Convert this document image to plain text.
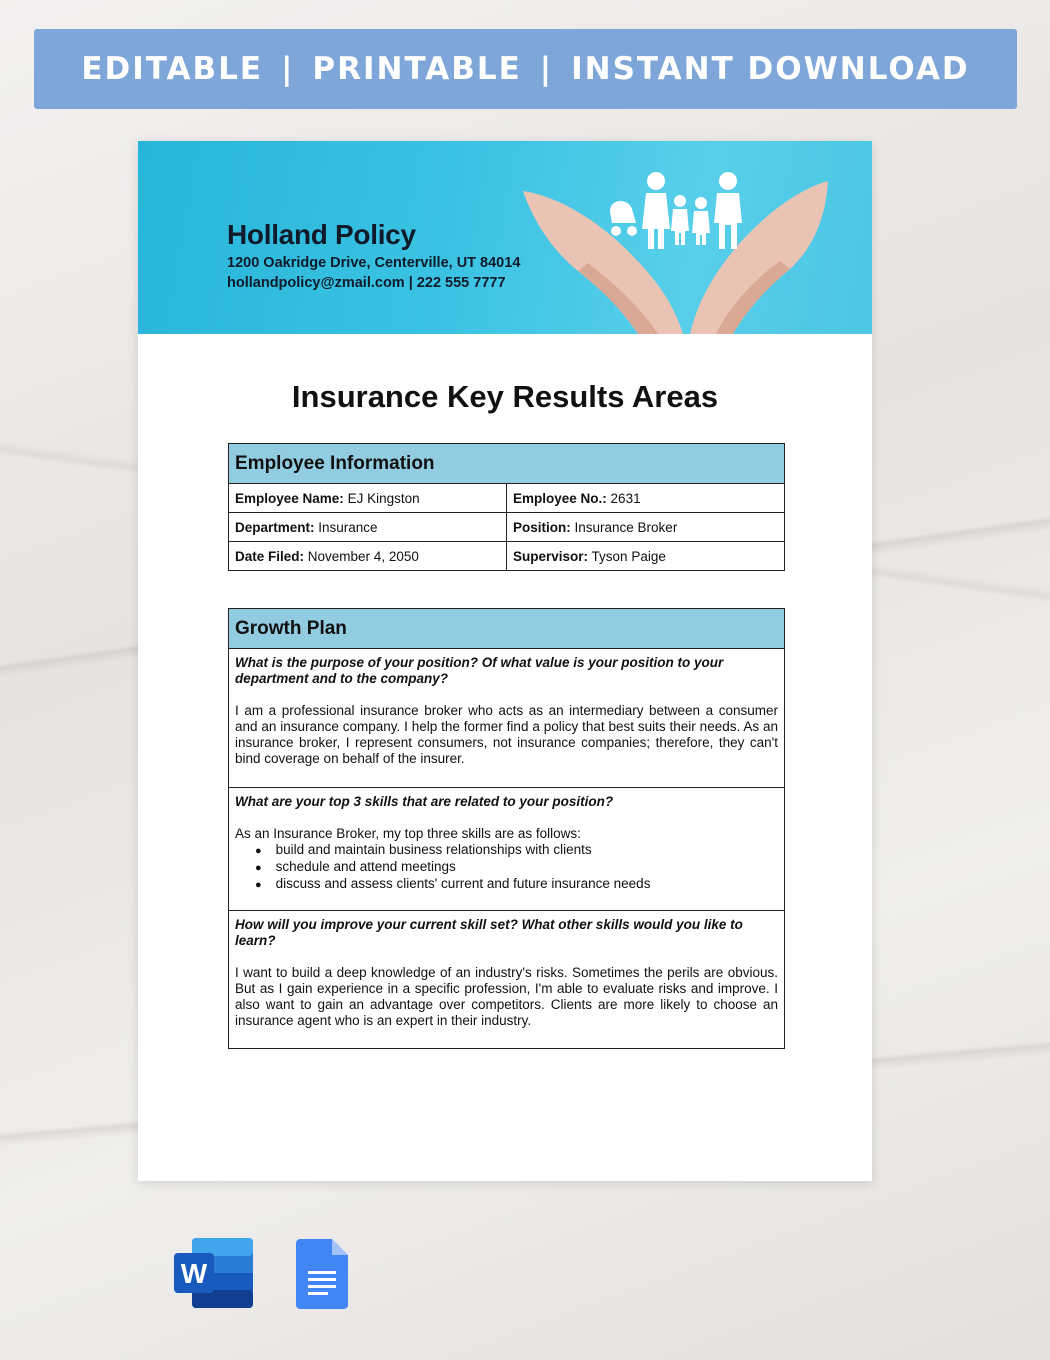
EDITABLE | PRINTABLE | INSTANT DOWNLOAD
Holland Policy
1200 Oakridge Drive, Centerville, UT 84014
hollandpolicy@zmail.com | 222 555 7777
Insurance Key Results Areas
Employee Information	
Employee Name: EJ Kingston	Employee No.: 2631
Department: Insurance	Position: Insurance Broker
Date Filed: November 4, 2050	Supervisor: Tyson Paige
Growth Plan

What is the purpose of your position? Of what value is your position to your department and to the company?
I am a professional insurance broker who acts as an intermediary between a consumer and an insurance company. I help the former find a policy that best suits their needs. As an insurance broker, I represent consumers, not insurance companies; therefore, they can't bind coverage on behalf of the insurer.

What are your top 3 skills that are related to your position?
As an Insurance Broker, my top three skills are as follows:
● build and maintain business relationships with clients
● schedule and attend meetings
● discuss and assess clients' current and future insurance needs

How will you improve your current skill set? What other skills would you like to learn?
I want to build a deep knowledge of an industry's risks. Sometimes the perils are obvious. But as I gain experience in a specific profession, I'm able to evaluate risks and improve. I also want to gain an advantage over competitors. Clients are more likely to choose an insurance agent who is an expert in their industry.
W
